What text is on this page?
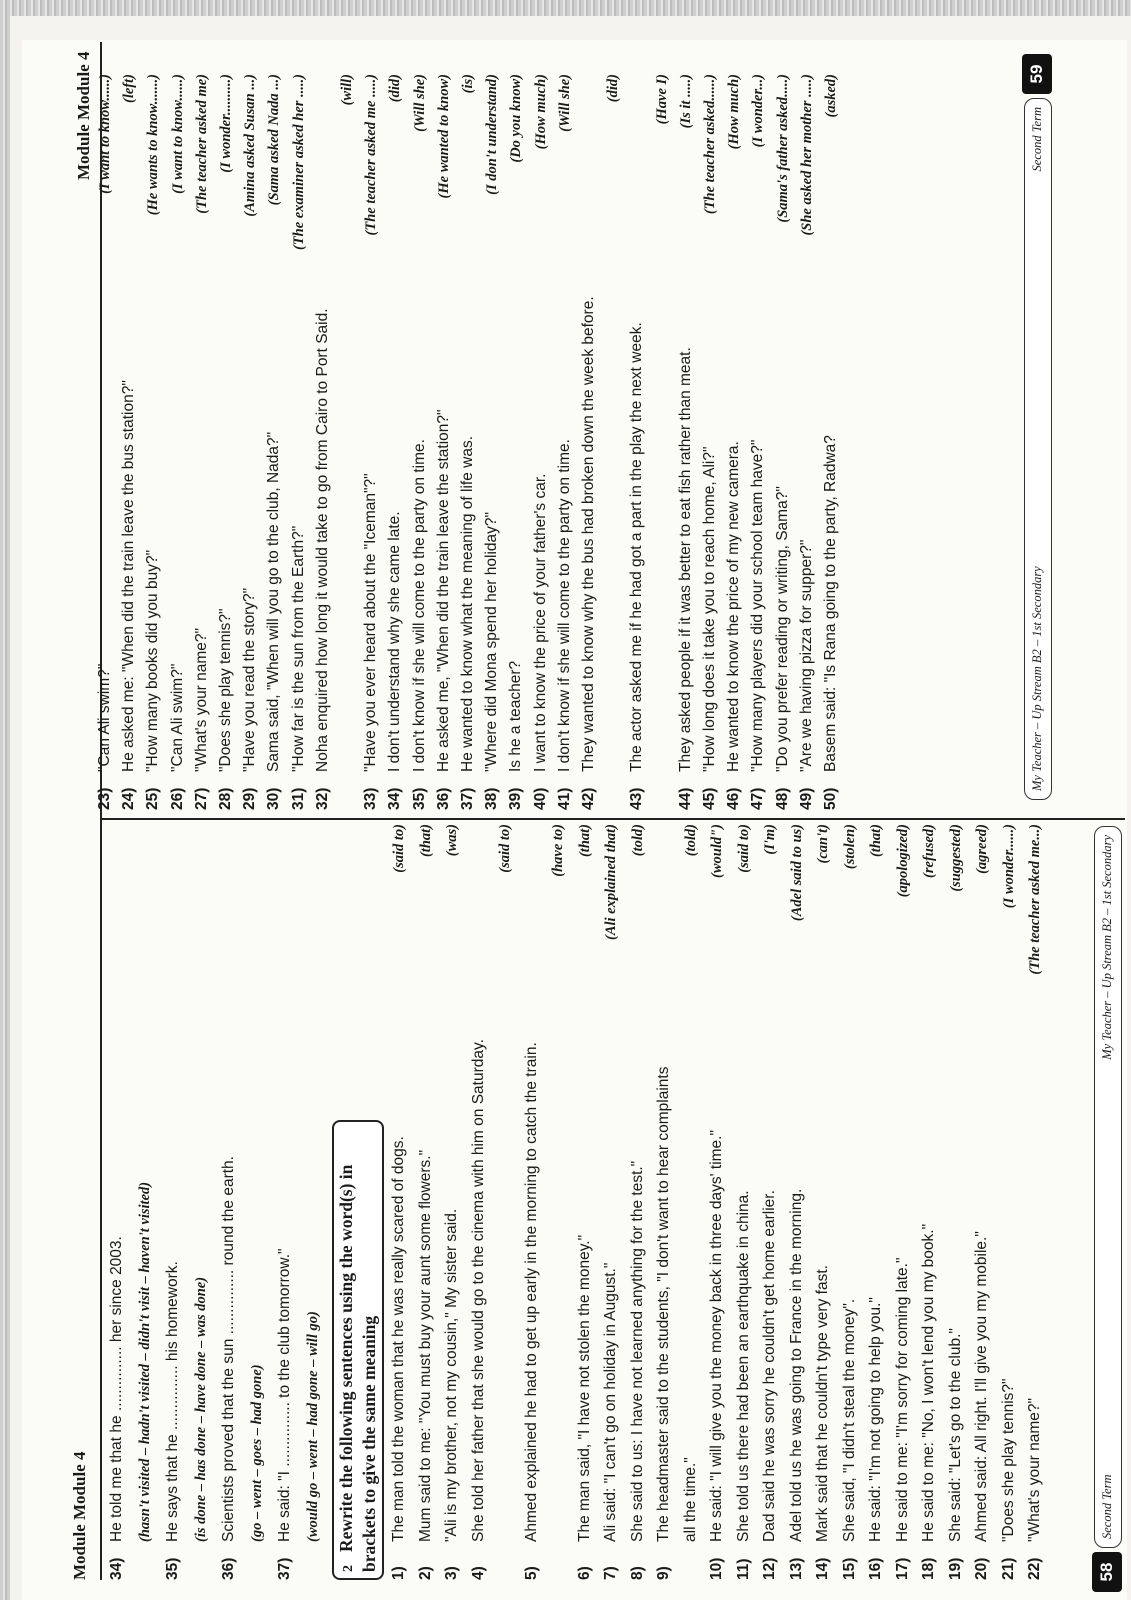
Module Module 4
34)
He told me that he ............... her since 2003. (hasn't visited – hadn't visited – didn't visit – haven't visited)
35)
He says that he ............... his homework. (is done – has done – have done – was done)
36)
Scientists proved that the sun ............... round the earth. (go – went – goes – had gone)
37)
He said: "I ............... to the club tomorrow." (would go – went – had gone – will go)
2Rewrite the following sentences using the word(s) in brackets to give the same meaning
1)
The man told the woman that he was really scared of dogs.
(said to)
2)
Mum said to me: "You must buy your aunt some flowers."
(that)
3)
"Ali is my brother, not my cousin," My sister said.
(was)
4)
She told her father that she would go to the cinema with him on Saturday.
(said to)
5)
Ahmed explained he had to get up early in the morning to catch the train.
(have to)
6)
The man said, "I have not stolen the money."
(that)
7)
Ali said: "I can't go on holiday in August."
(Ali explained that)
8)
She said to us: I have not learned anything for the test."
(told)
9)
The headmaster said to the students, "I don't want to hear complaints all the time."
(told)
10)
He said: "I will give you the money back in three days' time."
(would")
11)
She told us there had been an earthquake in china.
(said to)
12)
Dad said he was sorry he couldn't get home earlier.
(I'm)
13)
Adel told us he was going to France in the morning.
(Adel said to us)
14)
Mark said that he couldn't type very fast.
(can't)
15)
She said, "I didn't steal the money".
(stolen)
16)
He said: "I'm not going to help you."
(that)
17)
He said to me: "I'm sorry for coming late."
(apologized)
18)
He said to me: "No, I won't lend you my book."
(refused)
19)
She said: "Let's go to the club."
(suggested)
20)
Ahmed said: All right. I'll give you my mobile."
(agreed)
21)
"Does she play tennis?"
(I wonder......)
22)
"What's your name?"
(The teacher asked me...)
58
Second Term
My Teacher – Up Stream B2 – 1st Secondary
23)
"Can Ali swim?"
(I want to know......)
24)
He asked me: "When did the train leave the bus station?"
(left)
25)
"How many books did you buy?"
(He wants to know.......)
26)
"Can Ali swim?"
(I want to know......)
27)
"What's your name?"
(The teacher asked me)
28)
"Does she play tennis?"
(I wonder..........)
29)
"Have you read the story?"
(Amina asked Susan ...)
30)
Sama said, "When will you go to the club, Nada?"
(Sama asked Nada ...)
31)
"How far is the sun from the Earth?"
(The examiner asked her .....)
32)
Noha enquired how long it would take to go from Cairo to Port Said.
(will)
33)
"Have you ever heard about the "Iceman"?"
(The teacher asked me .....)
34)
I don't understand why she came late.
(did)
35)
I don't know if she will come to the party on time.
(Will she)
36)
He asked me, "When did the train leave the station?"
(He wanted to know)
37)
He wanted to know what the meaning of life was.
(is)
38)
"Where did Mona spend her holiday?"
(I don't understand)
39)
Is he a teacher?
(Do you know)
40)
I want to know the price of your father's car.
(How much)
41)
I don't know if she will come to the party on time.
(Will she)
42)
They wanted to know why the bus had broken down the week before.
(did)
43)
The actor asked me if he had got a part in the play the next week.
(Have I)
44)
They asked people if it was better to eat fish rather than meat.
(Is it .....)
45)
"How long does it take you to reach home, Ali?"
(The teacher asked......)
46)
He wanted to know the price of my new camera.
(How much)
47)
"How many players did your school team have?"
(I wonder...)
48)
"Do you prefer reading or writing, Sama?"
(Sama's father asked.....)
49)
"Are we having pizza for supper?"
(She asked her mother .....)
50)
Basem said: "Is Rana going to the party, Radwa?
(asked)
Module Module 4
My Teacher – Up Stream B2 – 1st Secondary
Second Term
59
